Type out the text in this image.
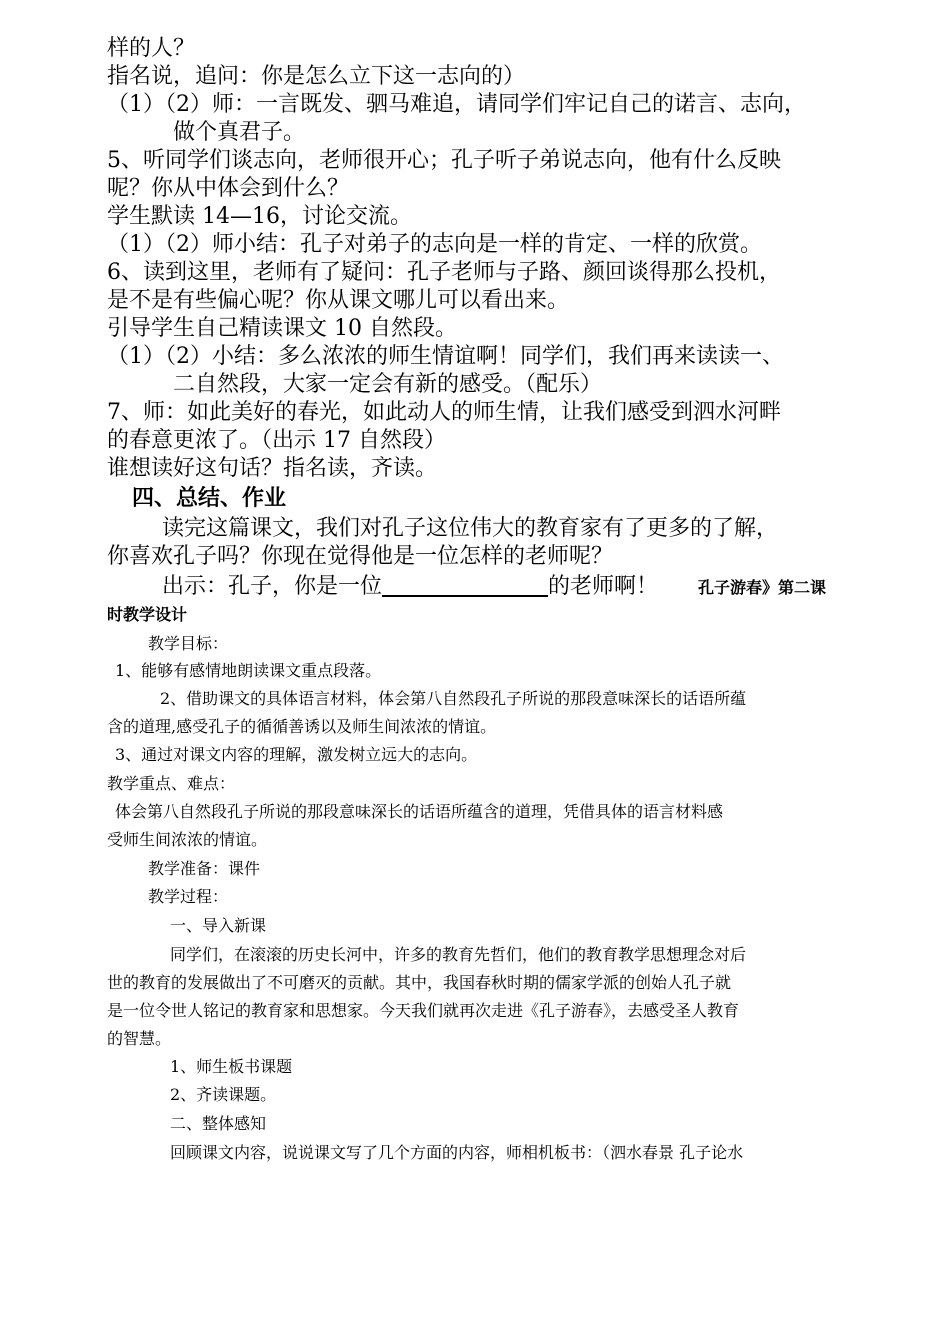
样的人？
指名说，追问：你是怎么立下这一志向的）
（1）（2）师：一言既发、驷马难追，请同学们牢记自己的诺言、志向，
做个真君子。
5、听同学们谈志向，老师很开心；孔子听子弟说志向，他有什么反映
呢？你从中体会到什么？
学生默读 14—16，讨论交流。
（1）（2）师小结：孔子对弟子的志向是一样的肯定、一样的欣赏。
6、读到这里，老师有了疑问：孔子老师与子路、颜回谈得那么投机，
是不是有些偏心呢？你从课文哪儿可以看出来。
引导学生自己精读课文 10 自然段。
（1）（2）小结：多么浓浓的师生情谊啊！同学们，我们再来读读一、
二自然段，大家一定会有新的感受。（配乐）
7、师：如此美好的春光，如此动人的师生情，让我们感受到泗水河畔
的春意更浓了。（出示 17 自然段）
谁想读好这句话？指名读，齐读。
四、总结、作业
读完这篇课文，我们对孔子这位伟大的教育家有了更多的了解，
你喜欢孔子吗？你现在觉得他是一位怎样的老师呢？
出示：孔子，你是一位	的老师啊！ 孔子游春》第二课
时教学设计
教学目标：
1、能够有感情地朗读课文重点段落。
2、借助课文的具体语言材料，体会第八自然段孔子所说的那段意味深长的话语所蕴
含的道理,感受孔子的循循善诱以及师生间浓浓的情谊。
3、通过对课文内容的理解，激发树立远大的志向。
教学重点、难点：
体会第八自然段孔子所说的那段意味深长的话语所蕴含的道理，凭借具体的语言材料感
受师生间浓浓的情谊。
教学准备：课件
教学过程：
一、导入新课
同学们，在滚滚的历史长河中，许多的教育先哲们，他们的教育教学思想理念对后
世的教育的发展做出了不可磨灭的贡献。其中，我国春秋时期的儒家学派的创始人孔子就
是一位令世人铭记的教育家和思想家。今天我们就再次走进《孔子游春》，去感受圣人教育
的智慧。
1、师生板书课题
2、齐读课题。
二、整体感知
回顾课文内容，说说课文写了几个方面的内容，师相机板书：（泗水春景 孔子论水
